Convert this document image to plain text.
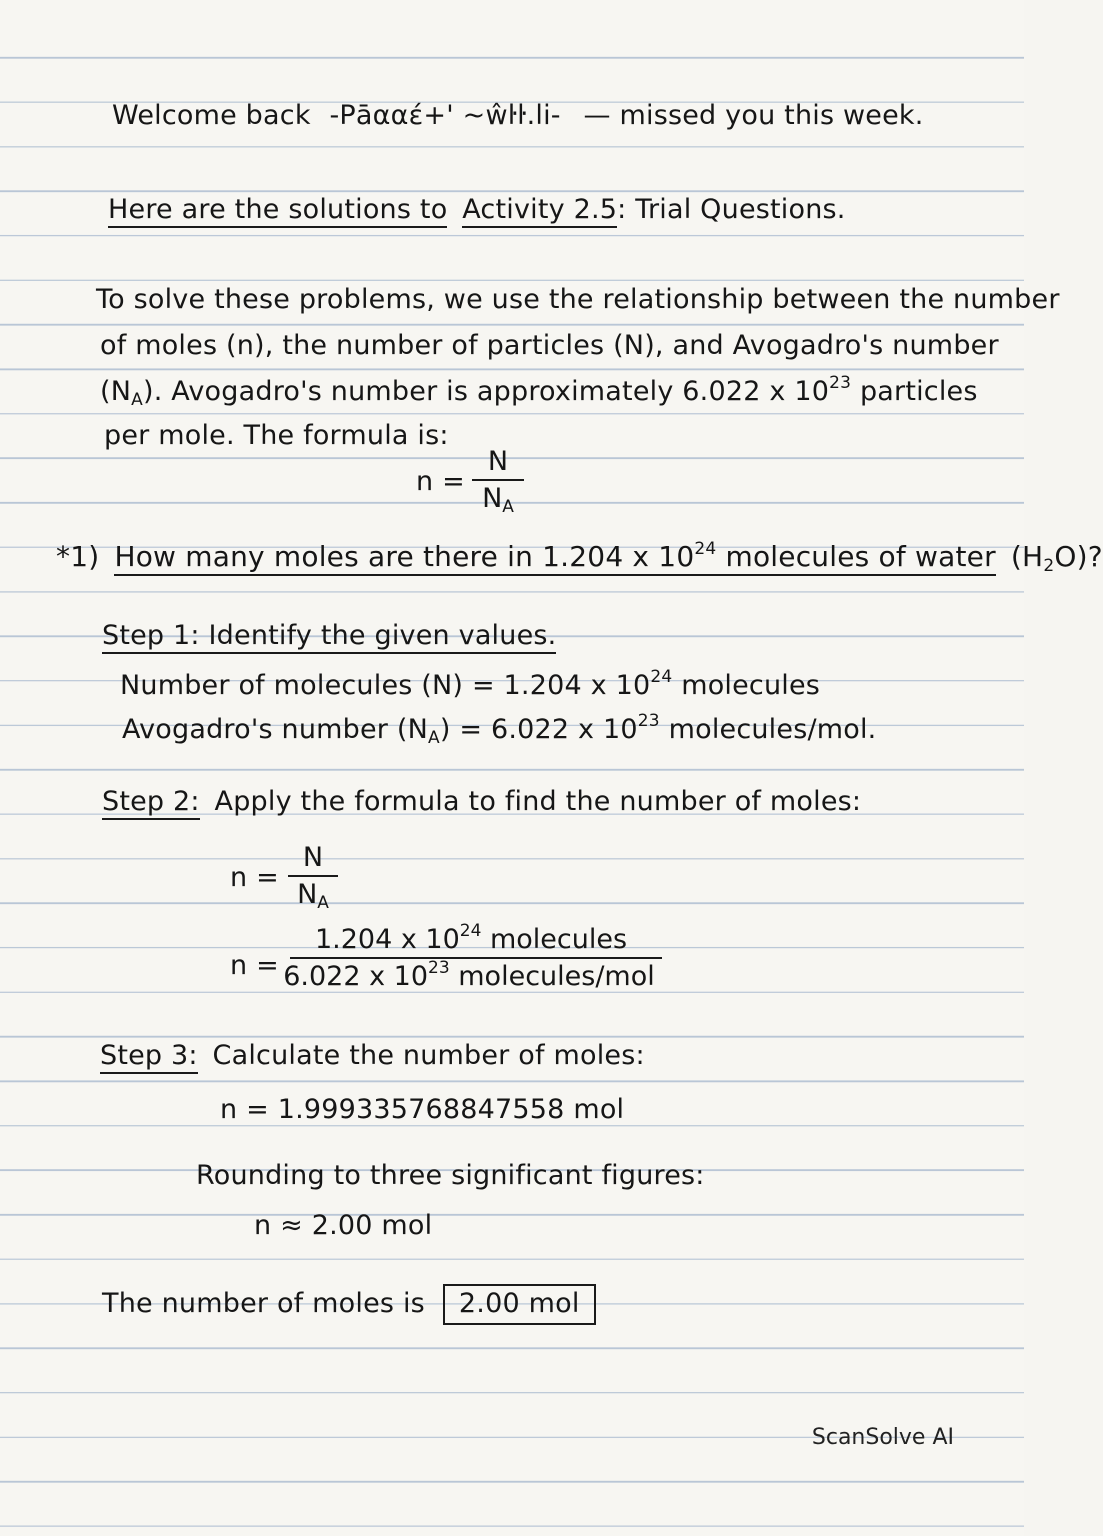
Welcome back -Pāααέ+' ~ŵŀŀ.li- — missed you this week.
Here are the solutions to Activity 2.5: Trial Questions.
To solve these problems, we use the relationship between the number
of moles (n), the number of particles (N), and Avogadro's number
$(N_A)$. Avogadro's number is approximately 6.022 x $10^{23}$ particles
per mole. The formula is:
n =
N
$N_A$
*1) How many moles are there in 1.204 x $10^{24}$ molecules of water $(H_2O)$?
Step 1: Identify the given values.
Number of molecules (N) = 1.204 x $10^{24}$ molecules
Avogadro's number $(N_A) = 6.022$ x $10^{23}$ molecules/mol.
Step 2: Apply the formula to find the number of moles:
n =
N
$N_A$
n =
1.204 x $10^{24}$ molecules
6.022 x $10^{23}$ molecules/mol
Step 3: Calculate the number of moles:
n = 1.999335768847558 mol
Rounding to three significant figures:
n ≈ 2.00 mol
The number of moles is 2.00 mol
ScanSolve AI
